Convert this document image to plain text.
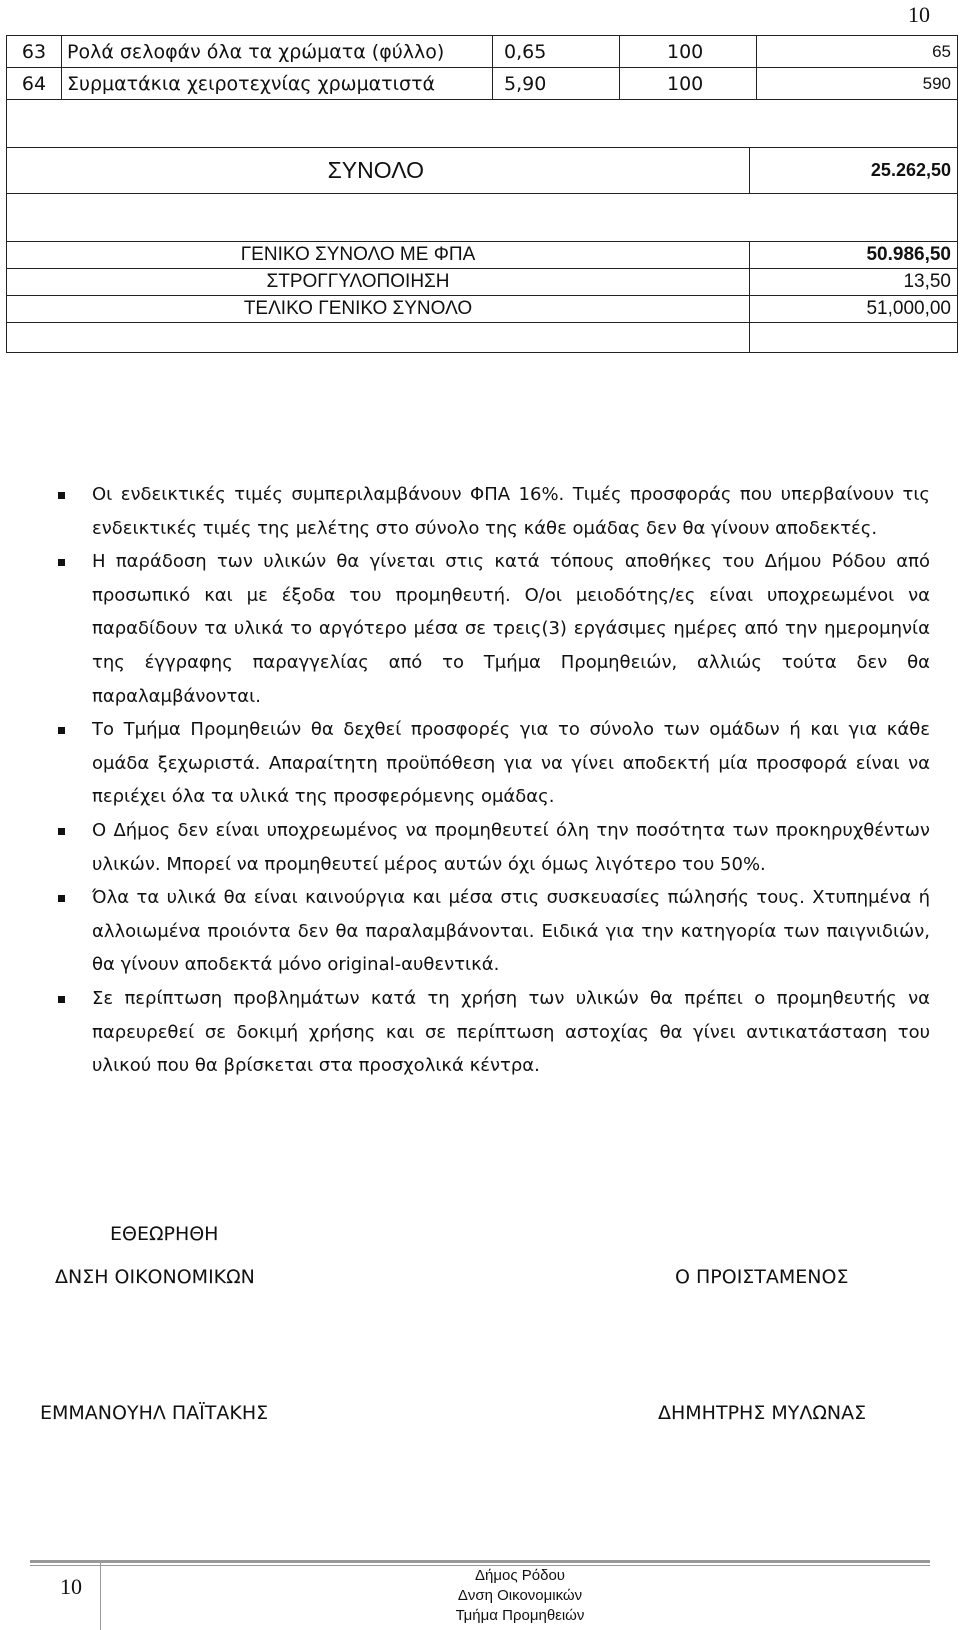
10
63	Ρολά σελοφάν όλα τα χρώματα (φύλλο)	0,65	100	65
64	Συρματάκια χειροτεχνίας χρωματιστά	5,90	100	590
ΣΥΝΟΛΟ	25.262,50
ΓΕΝΙΚΟ ΣΥΝΟΛΟ ΜΕ ΦΠΑ	50.986,50
ΣΤΡΟΓΓΥΛΟΠΟΙΗΣΗ	13,50
ΤΕΛΙΚΟ ΓΕΝΙΚΟ ΣΥΝΟΛΟ	51,000,00
Οι ενδεικτικές τιμές συμπεριλαμβάνουν ΦΠΑ 16%. Τιμές προσφοράς που υπερβαίνουν τις ενδεικτικές τιμές της μελέτης στο σύνολο της κάθε ομάδας δεν θα γίνουν αποδεκτές.
Η παράδοση των υλικών θα γίνεται στις κατά τόπους αποθήκες του Δήμου Ρόδου από προσωπικό και με έξοδα του προμηθευτή. Ο/οι μειοδότης/ες είναι υποχρεωμένοι να παραδίδουν τα υλικά το αργότερο μέσα σε τρεις(3) εργάσιμες ημέρες από την ημερομηνία της έγγραφης παραγγελίας από το Τμήμα Προμηθειών, αλλιώς τούτα δεν θα παραλαμβάνονται.
Το Τμήμα Προμηθειών θα δεχθεί προσφορές για το σύνολο των ομάδων ή και για κάθε ομάδα ξεχωριστά. Απαραίτητη προϋπόθεση για να γίνει αποδεκτή μία προσφορά είναι να περιέχει όλα τα υλικά της προσφερόμενης ομάδας.
Ο Δήμος δεν είναι υποχρεωμένος να προμηθευτεί όλη την ποσότητα των προκηρυχθέντων υλικών. Μπορεί να προμηθευτεί μέρος αυτών όχι όμως λιγότερο του 50%.
Όλα τα υλικά θα είναι καινούργια και μέσα στις συσκευασίες πώλησής τους. Χτυπημένα ή αλλοιωμένα προιόντα δεν θα παραλαμβάνονται. Ειδικά για την κατηγορία των παιγνιδιών, θα γίνουν αποδεκτά μόνο original-αυθεντικά.
Σε περίπτωση προβλημάτων κατά τη χρήση των υλικών θα πρέπει ο προμηθευτής να παρευρεθεί σε δοκιμή χρήσης και σε περίπτωση αστοχίας θα γίνει αντικατάσταση του υλικού που θα βρίσκεται στα προσχολικά κέντρα.
ΕΘΕΩΡΗΘΗ
ΔΝΣΗ ΟΙΚΟΝΟΜΙΚΩΝ	Ο ΠΡΟΙΣΤΑΜΕΝΟΣ
ΕΜΜΑΝΟΥΗΛ ΠΑΪΤΑΚΗΣ	ΔΗΜΗΤΡΗΣ ΜΥΛΩΝΑΣ
10	Δήμος Ρόδου
Δνση Οικονομικών
Τμήμα Προμηθειών
